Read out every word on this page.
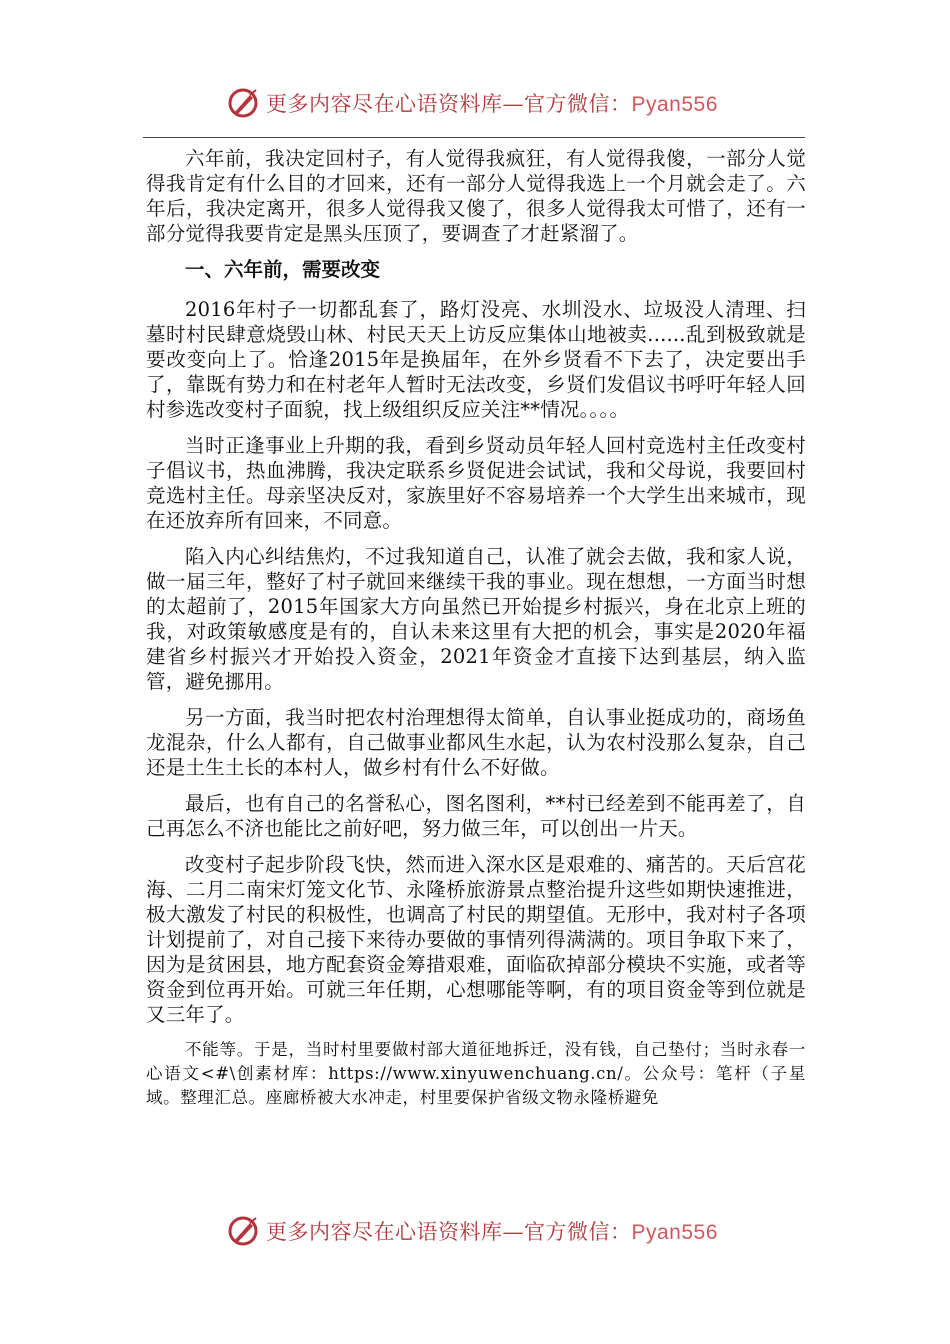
更多内容尽在心语资料库—官方微信：Pyan556

六年前，我决定回村子，有人觉得我疯狂，有人觉得我傻，一部分人觉得我肯定有什么目的才回来，还有一部分人觉得我选上一个月就会走了。六年后，我决定离开，很多人觉得我又傻了，很多人觉得我太可惜了，还有一部分觉得我要肯定是黑头压顶了，要调查了才赶紧溜了。

一、六年前，需要改变

2016年村子一切都乱套了，路灯没亮、水圳没水、垃圾没人清理、扫墓时村民肆意烧毁山林、村民天天上访反应集体山地被卖......乱到极致就是要改变向上了。恰逢2015年是换届年，在外乡贤看不下去了，决定要出手了，靠既有势力和在村老年人暂时无法改变，乡贤们发倡议书呼吁年轻人回村参选改变村子面貌，找上级组织反应关注**情况。。。。

当时正逢事业上升期的我，看到乡贤动员年轻人回村竞选村主任改变村子倡议书，热血沸腾，我决定联系乡贤促进会试试，我和父母说，我要回村竞选村主任。母亲坚决反对，家族里好不容易培养一个大学生出来城市，现在还放弃所有回来，不同意。

陷入内心纠结焦灼，不过我知道自己，认准了就会去做，我和家人说，做一届三年，整好了村子就回来继续干我的事业。现在想想，一方面当时想的太超前了，2015年国家大方向虽然已开始提乡村振兴，身在北京上班的我，对政策敏感度是有的，自认未来这里有大把的机会，事实是2020年福建省乡村振兴才开始投入资金，2021年资金才直接下达到基层，纳入监管，避免挪用。

另一方面，我当时把农村治理想得太简单，自认事业挺成功的，商场鱼龙混杂，什么人都有，自己做事业都风生水起，认为农村没那么复杂，自己还是土生土长的本村人，做乡村有什么不好做。

最后，也有自己的名誉私心，图名图利，**村已经差到不能再差了，自己再怎么不济也能比之前好吧，努力做三年，可以创出一片天。

改变村子起步阶段飞快，然而进入深水区是艰难的、痛苦的。天后宫花海、二月二南宋灯笼文化节、永隆桥旅游景点整治提升这些如期快速推进，极大激发了村民的积极性，也调高了村民的期望值。无形中，我对村子各项计划提前了，对自己接下来待办要做的事情列得满满的。项目争取下来了，因为是贫困县，地方配套资金筹措艰难，面临砍掉部分模块不实施，或者等资金到位再开始。可就三年任期，心想哪能等啊，有的项目资金等到位就是又三年了。

不能等。于是，当时村里要做村部大道征地拆迁，没有钱，自己垫付；当时永春一心语文<#\创素材库：https://www.xinyuwenchuang.cn/。公众号：笔杆（子星域。整理汇总。座廊桥被大水冲走，村里要保护省级文物永隆桥避免

更多内容尽在心语资料库—官方微信：Pyan556
